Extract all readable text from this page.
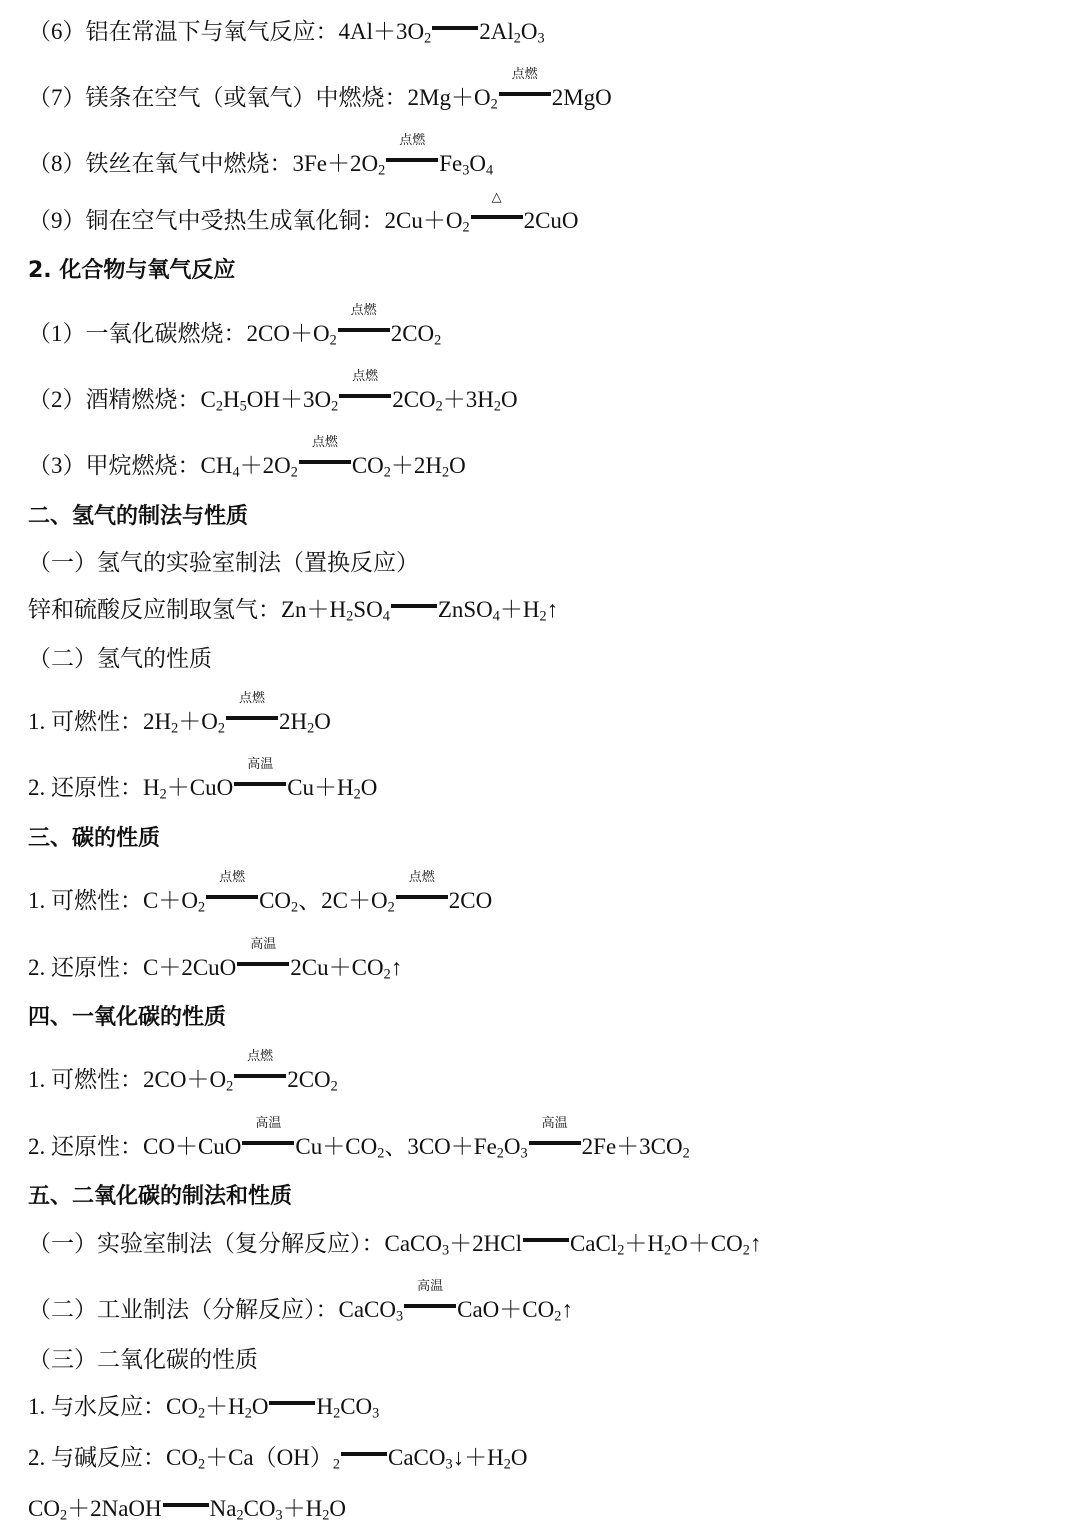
（6）铝在常温下与氧气反应：$4Al+3O_2$ $2Al_2O_3$
（7）镁条在空气（或氧气）中燃烧：$2Mg+O_2$
点燃
2MgO
（8）铁丝在氧气中燃烧：$3Fe+2O_2$
点燃
$Fe_3O_4$
（9）铜在空气中受热生成氧化铜：$2Cu+O_2$
△
2CuO
2. 化合物与氧气反应
（1）一氧化碳燃烧：$2CO+O_2$
点燃
$2CO_2$
（2）酒精燃烧：$C_2H_5OH+3O_2$
点燃
$2CO_2+3H_2O$
（3）甲烷燃烧：$CH_4+2O_2$
点燃
$CO_2+2H_2O$
二、氢气的制法与性质
（一）氢气的实验室制法（置换反应）
锌和硫酸反应制取氢气：$Zn+H_2SO_4$ $ZnSO_4+H_2↑$
（二）氢气的性质
1. 可燃性：$2H_2+O_2$
点燃
$2H_2O$
2. 还原性：$H_2+CuO$
高温
$Cu+H_2O$
三、碳的性质
1. 可燃性：$C+O_2$
点燃
$CO_2$、$2C+O_2$
点燃
2CO
2. 还原性：C＋2CuO
高温
$2Cu+CO_2↑$
四、一氧化碳的性质
1. 可燃性：$2CO+O_2$
点燃
$2CO_2$
2. 还原性：CO＋CuO
高温
$Cu+CO_2$、$3CO+Fe_2O_3$
高温
$2Fe+3CO_2$
五、二氧化碳的制法和性质
（一）实验室制法（复分解反应）：CaCO$_3$＋2HCl $CaCl_2+H_2O+CO_2↑$
（二）工业制法（分解反应）：CaCO$_3$
高温
$CaO+CO_2↑$
（三）二氧化碳的性质
1. 与水反应：$CO_2+H_2O$ $H_2CO_3$
2. 与碱反应：$CO_2+Ca(OH)_2$ $CaCO_3↓+H_2O$
$CO_2+2NaOH$ $Na_2CO_3+H_2O$
